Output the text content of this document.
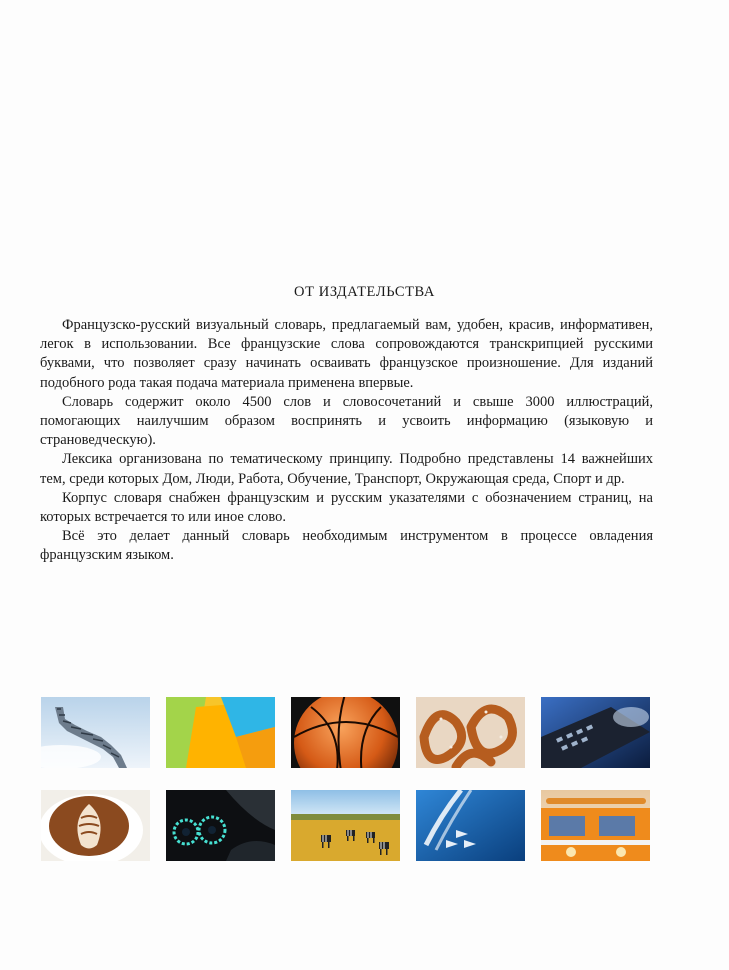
ОТ ИЗДАТЕЛЬСТВА

Французско-русский визуальный словарь, предлагаемый вам, удобен, красив, информативен, легок в использовании. Все французские слова сопровождаются транскрипцией русскими буквами, что позволяет сразу начинать осваивать французское произношение. Для изданий подобного рода такая подача материала применена впервые.

Словарь содержит около 4500 слов и словосочетаний и свыше 3000 иллюстраций, помогающих наилучшим образом воспринять и усвоить информацию (языковую и страноведческую).

Лексика организована по тематическому принципу. Подробно представлены 14 важнейших тем, среди которых Дом, Люди, Работа, Обучение, Транспорт, Окружающая среда, Спорт и др.

Корпус словаря снабжен французским и русским указателями с обозначением страниц, на которых встречается то или иное слово.

Всё это делает данный словарь необходимым инструментом в процессе овладения французским языком.
